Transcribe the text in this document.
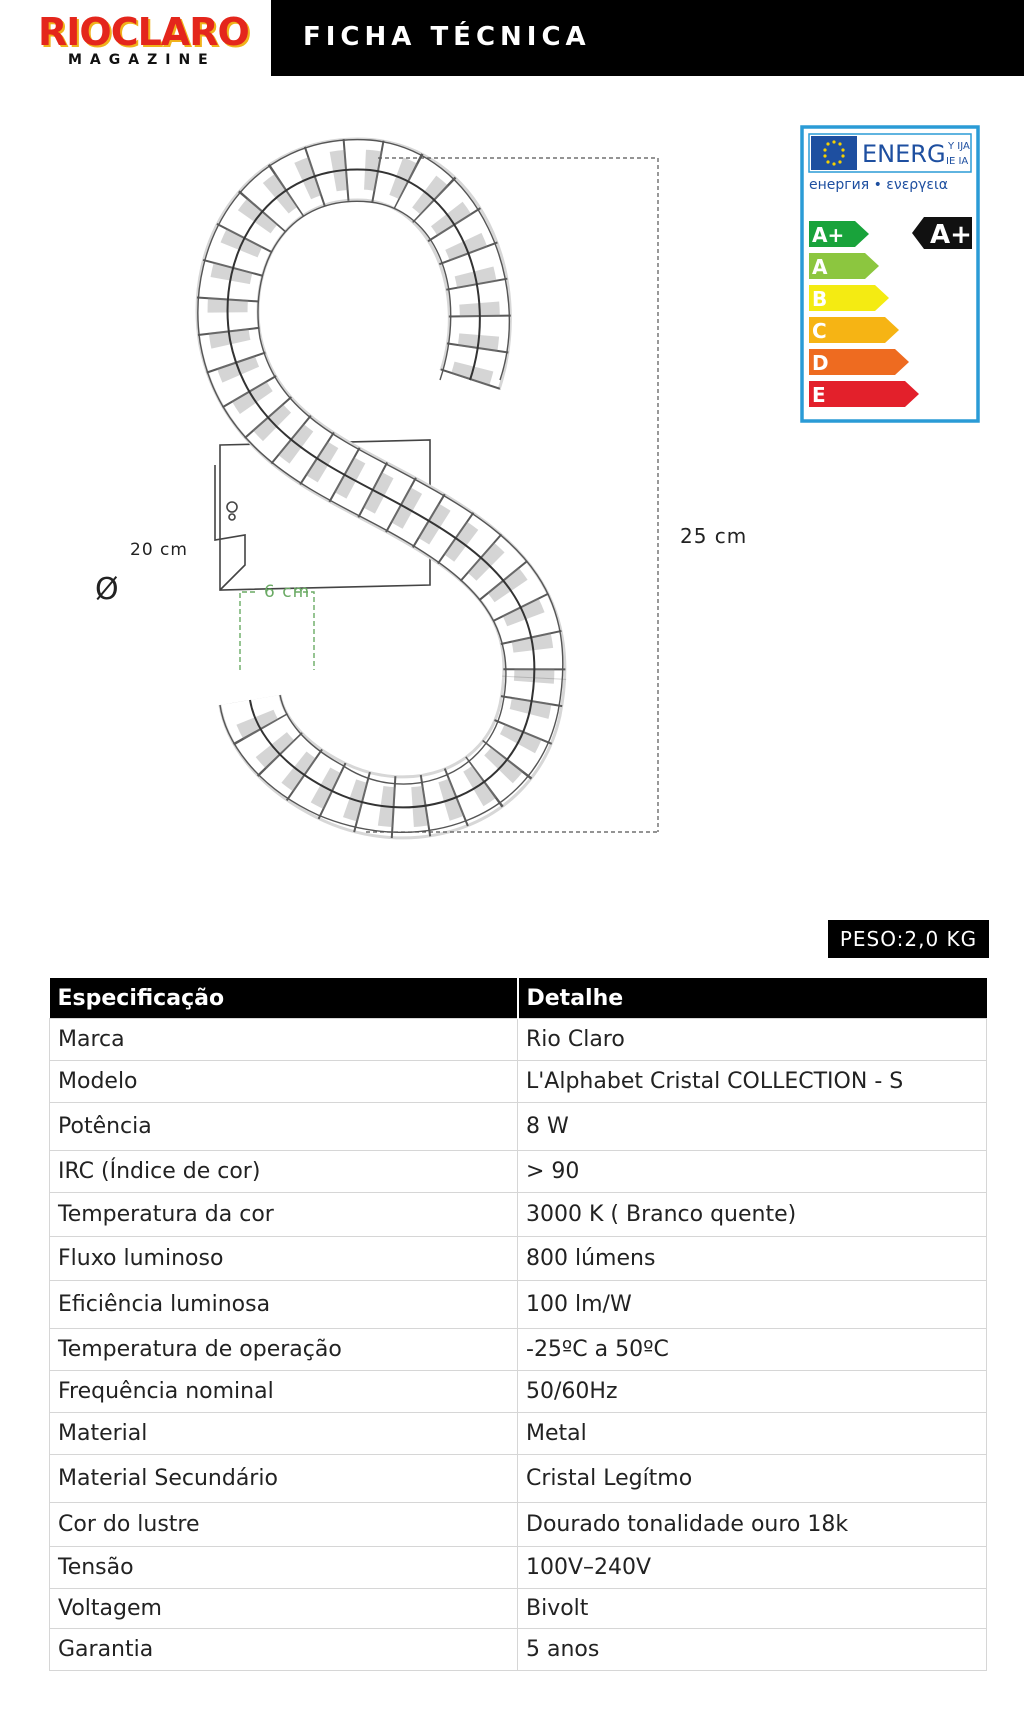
RIOCLARO
MAGAZINE
FICHA TÉCNICA
20 cm
Ø
25 cm
6 cm
ENERG Y IJA
IE IA
енергия • ενεργεια
A+
A
B
C
D
E
A+
PESO:2,0 KG
Especificação	Detalhe
Marca	Rio Claro
Modelo	L'Alphabet Cristal COLLECTION - S
Potência	8 W
IRC (Índice de cor)	> 90
Temperatura da cor	3000 K ( Branco quente)
Fluxo luminoso	800 lúmens
Eficiência luminosa	100 lm/W
Temperatura de operação	-25ºC a 50ºC
Frequência nominal	50/60Hz
Material	Metal
Material Secundário	Cristal Legítmo
Cor do lustre	Dourado tonalidade ouro 18k
Tensão	100V–240V
Voltagem	Bivolt
Garantia	5 anos
